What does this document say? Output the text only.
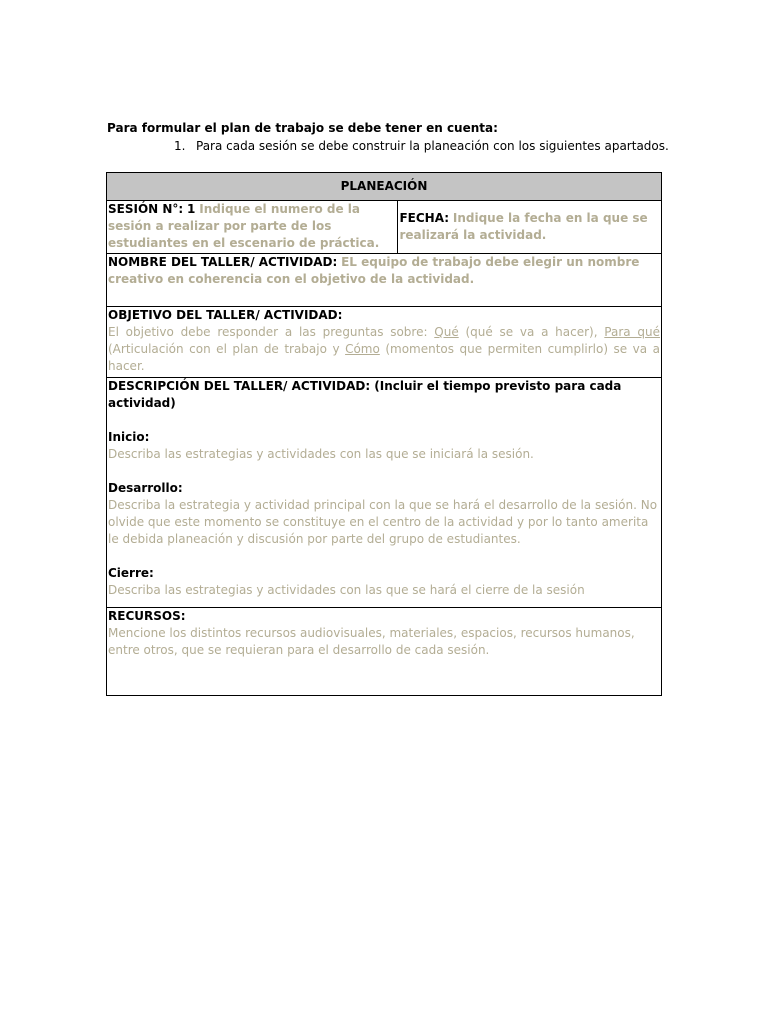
Para formular el plan de trabajo se debe tener en cuenta:
1. Para cada sesión se debe construir la planeación con los siguientes apartados.
PLANEACIÓN
SESIÓN N°: 1 Indique el numero de la sesión a realizar por parte de los estudiantes en el escenario de práctica.	FECHA: Indique la fecha en la que se realizará la actividad.
NOMBRE DEL TALLER/ ACTIVIDAD: EL equipo de trabajo debe elegir un nombre creativo en coherencia con el objetivo de la actividad.

OBJETIVO DEL TALLER/ ACTIVIDAD:
El objetivo debe responder a las preguntas sobre: Qué (qué se va a hacer), Para qué (Articulación con el plan de trabajo y Cómo (momentos que permiten cumplirlo) se va a hacer.

DESCRIPCIÓN DEL TALLER/ ACTIVIDAD: (Incluir el tiempo previsto para cada actividad)
Inicio:
Describa las estrategias y actividades con las que se iniciará la sesión.
Desarrollo:
Describa la estrategia y actividad principal con la que se hará el desarrollo de la sesión. No olvide que este momento se constituye en el centro de la actividad y por lo tanto amerita le debida planeación y discusión por parte del grupo de estudiantes.
Cierre:
Describa las estrategias y actividades con las que se hará el cierre de la sesión

RECURSOS:
Mencione los distintos recursos audiovisuales, materiales, espacios, recursos humanos, entre otros, que se requieran para el desarrollo de cada sesión.
